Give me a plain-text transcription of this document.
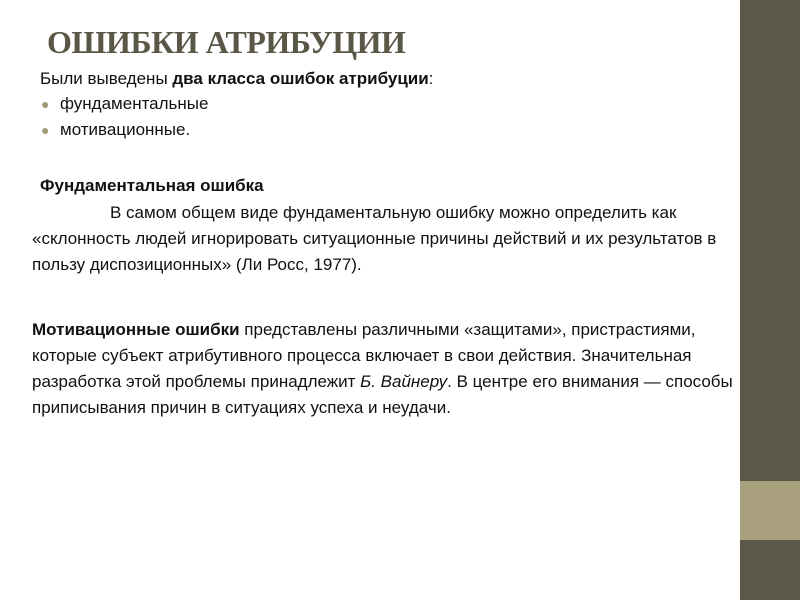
ОШИБКИ АТРИБУЦИИ
Были выведены два класса ошибок атрибуции:
● фундаментальные
● мотивационные.
Фундаментальная ошибка

В самом общем виде фундаментальную ошибку можно определить как «склонность людей игнорировать ситуационные причины действий и их результатов в пользу диспозиционных» (Ли Росс, 1977).

Мотивационные ошибки представлены различными «защитами», пристрастиями, которые субъект атрибутивного процесса включает в свои действия. Значительная разработка этой проблемы принадлежит Б. Вайнеру. В центре его внимания — способы приписывания причин в ситуациях успеха и неудачи.
